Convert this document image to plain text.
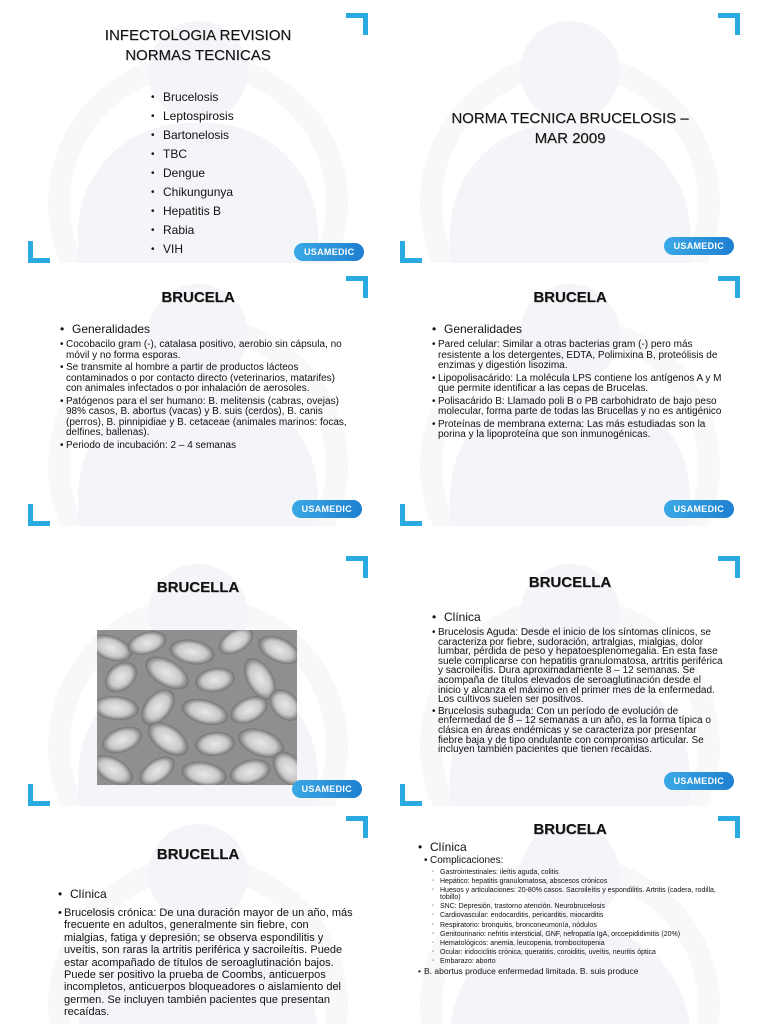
INFECTOLOGIA REVISION
NORMAS TECNICAS
• Brucelosis
• Leptospirosis
• Bartonelosis
• TBC
• Dengue
• Chikungunya
• Hepatitis B
• Rabia
• VIH
NORMA TECNICA BRUCELOSIS –
MAR 2009
USAMEDIC
USAMEDIC
BRUCELA
• Generalidades
• Cocobacilo gram (-), catalasa positivo, aerobio sin cápsula, no móvil y no forma esporas.
• Se transmite al hombre a partir de productos lácteos contaminados o por contacto directo (veterinarios, matarifes) con animales infectados o por inhalación de aerosoles.
• Patógenos para el ser humano: B. melitensis (cabras, ovejas) 98% casos, B. abortus (vacas) y B. suis (cerdos), B. canis (perros), B. pinnipidiae y B. cetaceae (animales marinos: focas, delfines, ballenas).
• Periodo de incubación: 2 – 4 semanas
USAMEDIC
BRUCELA
• Generalidades
• Pared celular: Similar a otras bacterias gram (-) pero más resistente a los detergentes, EDTA, Polimixina B, proteólisis de enzimas y digestión lisozima.
• Lipopolisacárido: La molécula LPS contiene los antígenos A y M que permite identificar a las cepas de Brucelas.
• Polisacárido B: Llamado poli B o PB carbohidrato de bajo peso molecular, forma parte de todas las Brucellas y no es antigénico
• Proteínas de membrana externa: Las más estudiadas son la porina y la lipoproteína que son inmunogénicas.
USAMEDIC
BRUCELLA
USAMEDIC
BRUCELLA
• Clínica
• Brucelosis Aguda: Desde el inicio de los síntomas clínicos, se caracteriza por fiebre, sudoración, artralgias, mialgias, dolor lumbar, pérdida de peso y hepatoesplenomegalia. En esta fase suele complicarse con hepatitis granulomatosa, artritis periférica y sacroileítis. Dura aproximadamente 8 – 12 semanas. Se acompaña de títulos elevados de seroaglutinación desde el inicio y alcanza el máximo en el primer mes de la enfermedad. Los cultivos suelen ser positivos.
• Brucelosis subaguda: Con un período de evolución de enfermedad de 8 – 12 semanas a un año, es la forma típica o clásica en áreas endémicas y se caracteriza por presentar fiebre baja y de tipo ondulante con compromiso articular. Se incluyen también pacientes que tienen recaídas.
USAMEDIC
BRUCELLA
• Clínica
• Brucelosis crónica: De una duración mayor de un año, más frecuente en adultos, generalmente sin fiebre, con mialgias, fatiga y depresión; se observa espondilitis y uveítis, son raras la artritis periférica y sacroileítis. Puede estar acompañado de títulos de seroaglutinación bajos. Puede ser positivo la prueba de Coombs, anticuerpos incompletos, anticuerpos bloqueadores o aislamiento del germen. Se incluyen también pacientes que presentan recaídas.
BRUCELA
• Clínica
• Complicaciones:
◦ Gastrointestinales: ileítis aguda, colitis
◦ Hepático: hepatitis granulomatosa, abscesos crónicos
◦ Huesos y articulaciones: 20-80% casos. Sacroileítis y espondilitis. Artritis (cadera, rodilla, tobillo)
◦ SNC: Depresión, trastorno atención. Neurobrucelosis
◦ Cardiovascular: endocarditis, pericarditis, miocarditis
◦ Respiratorio: bronquitis, bronconeumonía, nódulos
◦ Genitourinario: nefritis intersticial, GNF, nefropatía IgA, orcoepididimitis (20%)
◦ Hematológicos: anemia, leucopenia, trombocitopenia
◦ Ocular: iridociclitis crónica, queratitis, coroiditis, uveítis, neuritis óptica
◦ Embarazo: aborto
• B. abortus produce enfermedad limitada. B. suis produce
